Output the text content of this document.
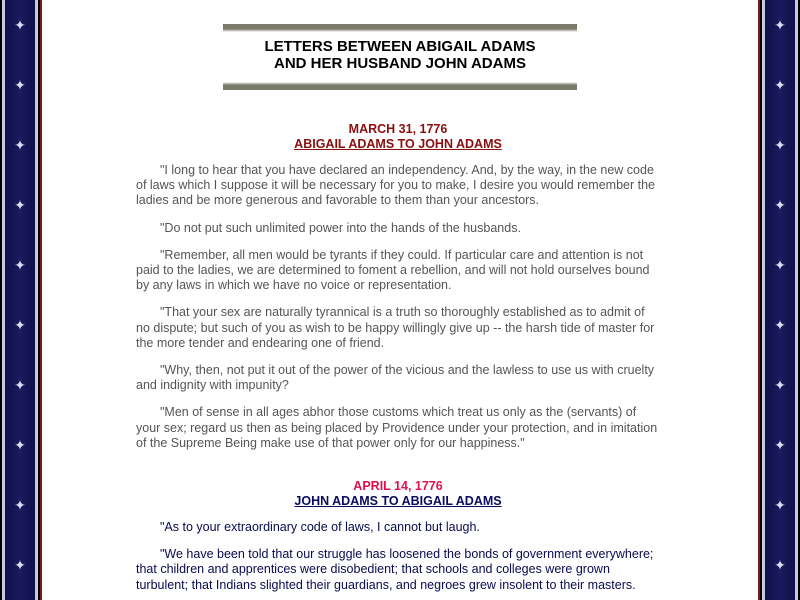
✦
✦
✦
✦
✦
✦
✦
✦
✦
✦
✦
✦
✦
✦
✦
✦
✦
✦
✦
✦
LETTERS BETWEEN ABIGAIL ADAMS
AND HER HUSBAND JOHN ADAMS
MARCH 31, 1776
ABIGAIL ADAMS TO JOHN ADAMS

"I long to hear that you have declared an independency. And, by the way, in the new code of laws which I suppose it will be necessary for you to make, I desire you would remember the ladies and be more generous and favorable to them than your ancestors.

"Do not put such unlimited power into the hands of the husbands.

"Remember, all men would be tyrants if they could. If particular care and attention is not paid to the ladies, we are determined to foment a rebellion, and will not hold ourselves bound by any laws in which we have no voice or representation.

"That your sex are naturally tyrannical is a truth so thoroughly established as to admit of no dispute; but such of you as wish to be happy willingly give up -- the harsh tide of master for the more tender and endearing one of friend.

"Why, then, not put it out of the power of the vicious and the lawless to use us with cruelty and indignity with impunity?

"Men of sense in all ages abhor those customs which treat us only as the (servants) of your sex; regard us then as being placed by Providence under your protection, and in imitation of the Supreme Being make use of that power only for our happiness."

APRIL 14, 1776
JOHN ADAMS TO ABIGAIL ADAMS

"As to your extraordinary code of laws, I cannot but laugh.

"We have been told that our struggle has loosened the bonds of government everywhere; that children and apprentices were disobedient; that schools and colleges were grown turbulent; that Indians slighted their guardians, and negroes grew insolent to their masters.
